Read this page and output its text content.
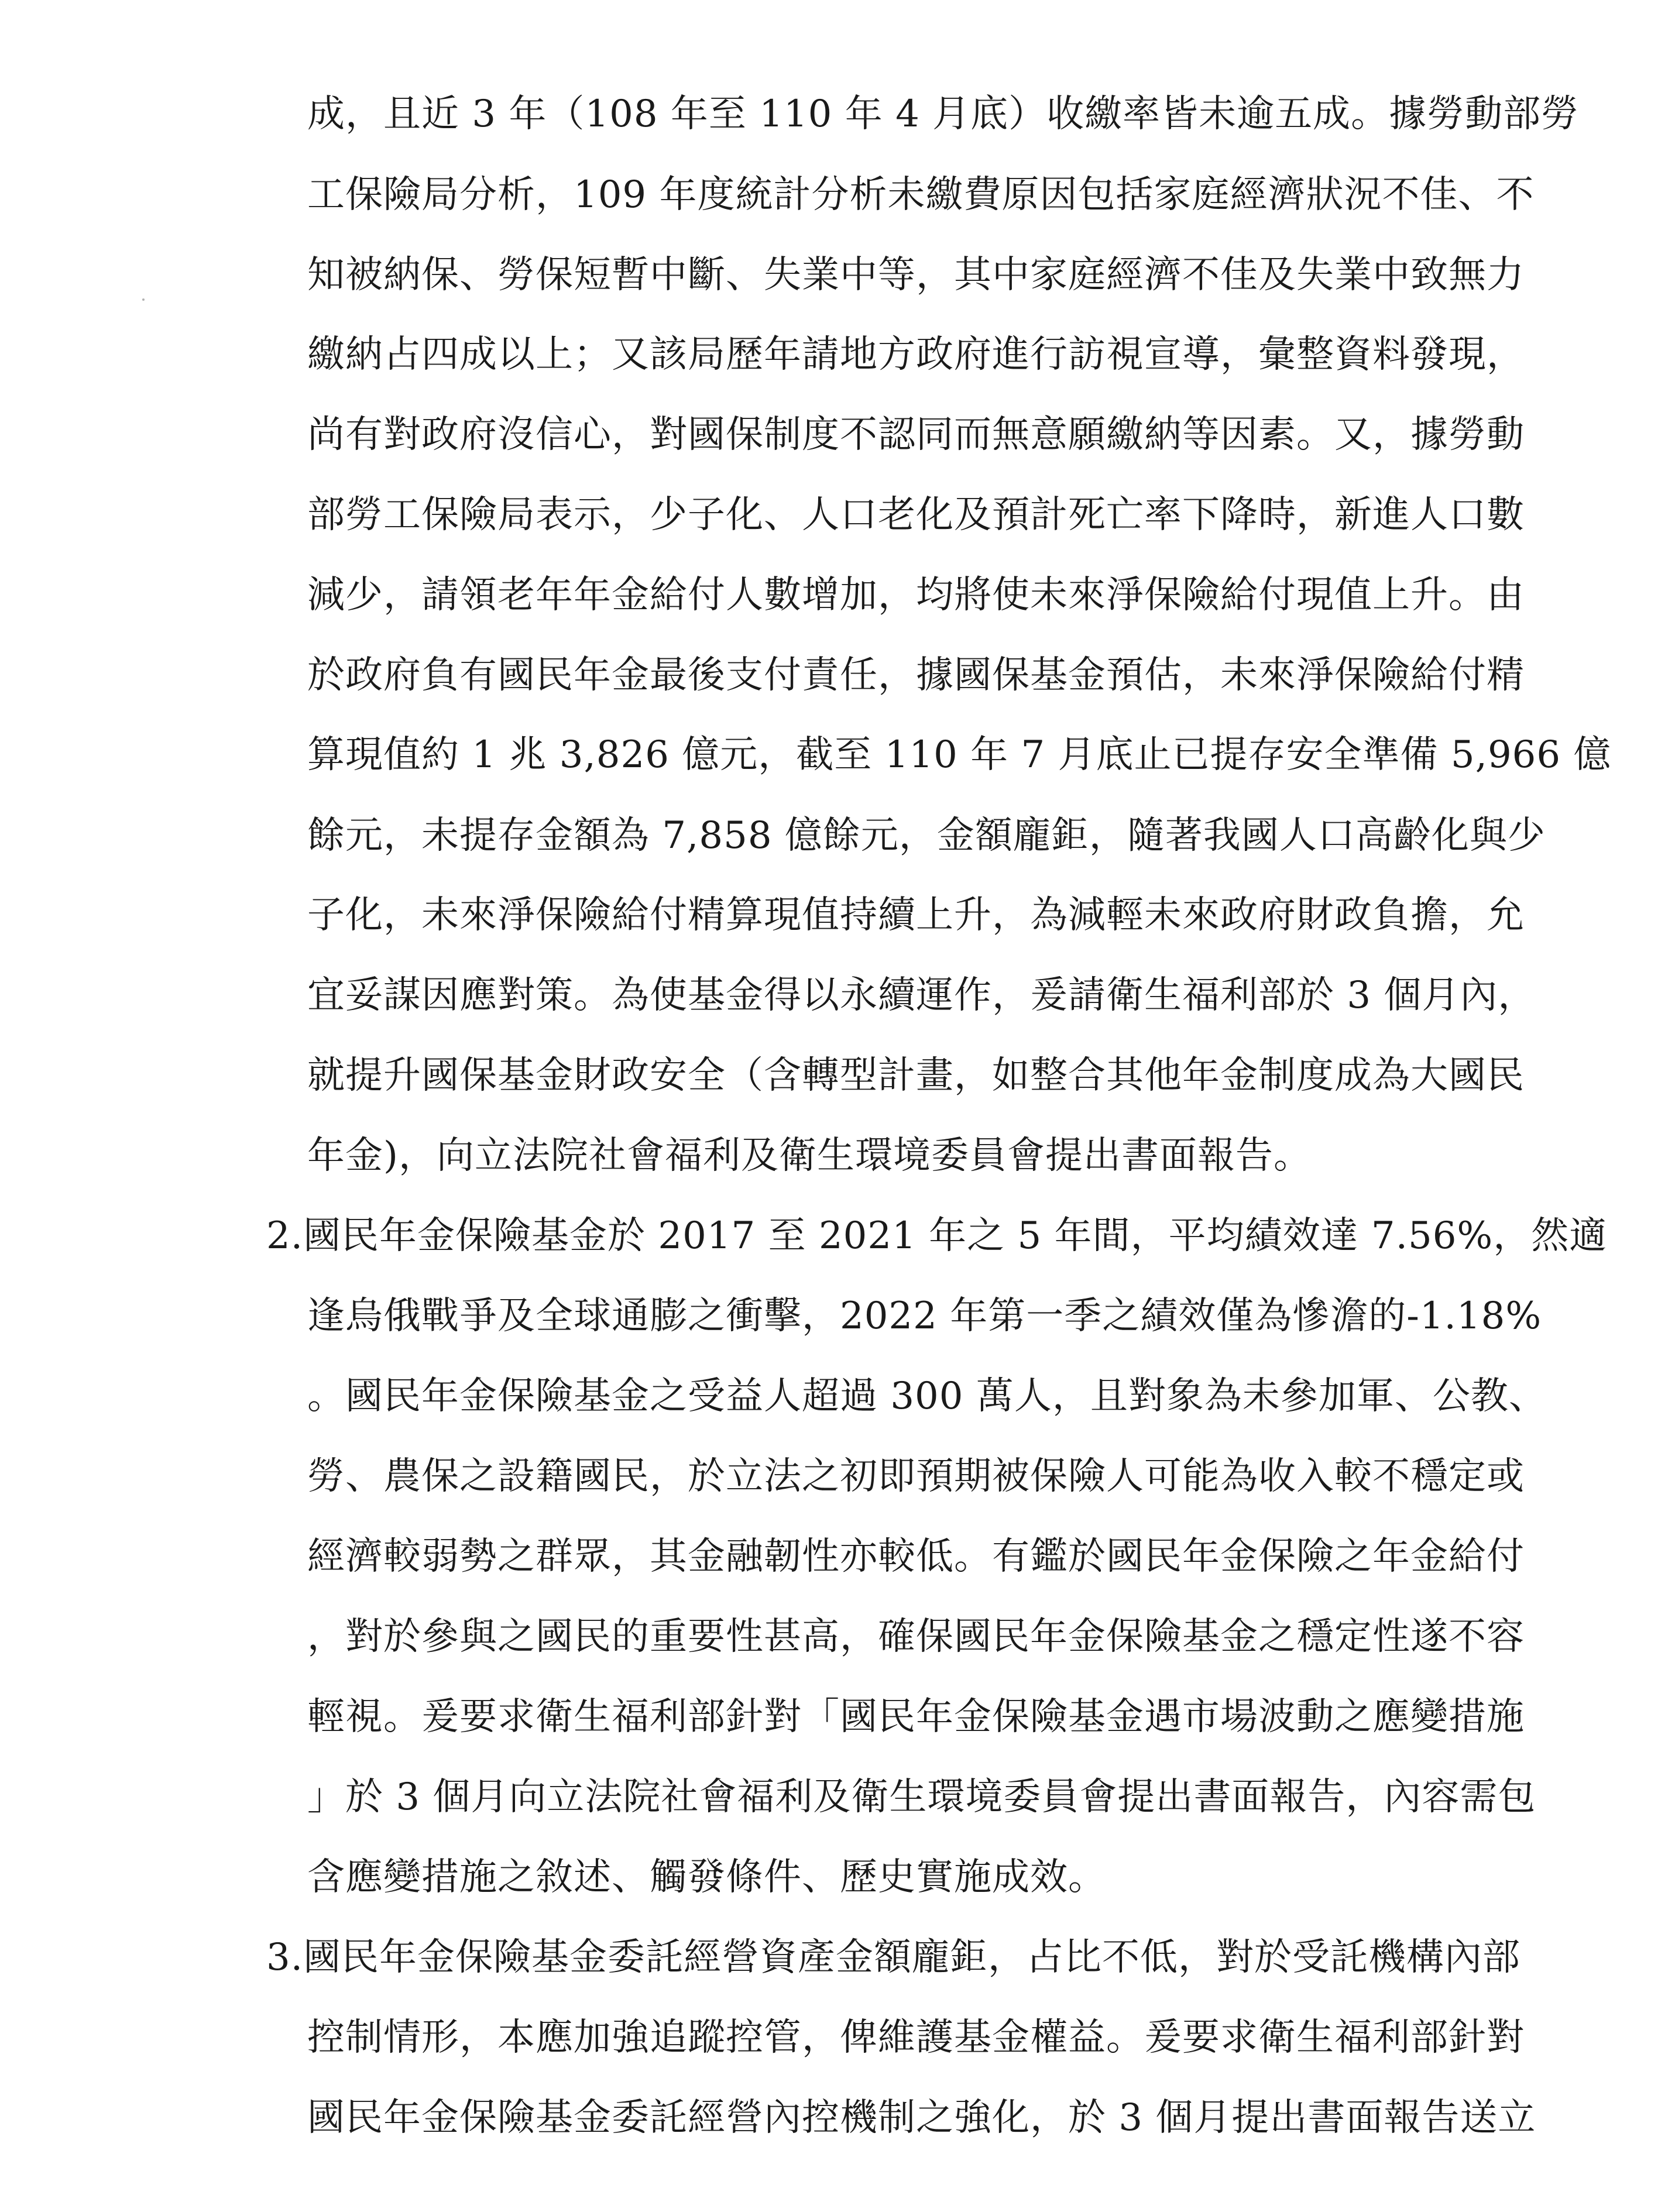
成，且近 3 年（108 年至 110 年 4 月底）收繳率皆未逾五成。據勞動部勞
工保險局分析，109 年度統計分析未繳費原因包括家庭經濟狀況不佳、不
知被納保、勞保短暫中斷、失業中等，其中家庭經濟不佳及失業中致無力
繳納占四成以上；又該局歷年請地方政府進行訪視宣導，彙整資料發現，
尚有對政府沒信心，對國保制度不認同而無意願繳納等因素。又，據勞動
部勞工保險局表示，少子化、人口老化及預計死亡率下降時，新進人口數
減少，請領老年年金給付人數增加，均將使未來淨保險給付現值上升。由
於政府負有國民年金最後支付責任，據國保基金預估，未來淨保險給付精
算現值約 1 兆 3,826 億元，截至 110 年 7 月底止已提存安全準備 5,966 億
餘元，未提存金額為 7,858 億餘元，金額龐鉅，隨著我國人口高齡化與少
子化，未來淨保險給付精算現值持續上升，為減輕未來政府財政負擔，允
宜妥謀因應對策。為使基金得以永續運作，爰請衛生福利部於 3 個月內，
就提升國保基金財政安全（含轉型計畫，如整合其他年金制度成為大國民
年金)，向立法院社會福利及衛生環境委員會提出書面報告。
2.國民年金保險基金於 2017 至 2021 年之 5 年間，平均績效達 7.56%，然適
逢烏俄戰爭及全球通膨之衝擊，2022 年第一季之績效僅為慘澹的-1.18%
。國民年金保險基金之受益人超過 300 萬人，且對象為未參加軍、公教、
勞、農保之設籍國民，於立法之初即預期被保險人可能為收入較不穩定或
經濟較弱勢之群眾，其金融韌性亦較低。有鑑於國民年金保險之年金給付
，對於參與之國民的重要性甚高，確保國民年金保險基金之穩定性遂不容
輕視。爰要求衛生福利部針對「國民年金保險基金遇市場波動之應變措施
」於 3 個月向立法院社會福利及衛生環境委員會提出書面報告，內容需包
含應變措施之敘述、觸發條件、歷史實施成效。
3.國民年金保險基金委託經營資產金額龐鉅，占比不低，對於受託機構內部
控制情形，本應加強追蹤控管，俾維護基金權益。爰要求衛生福利部針對
國民年金保險基金委託經營內控機制之強化，於 3 個月提出書面報告送立
